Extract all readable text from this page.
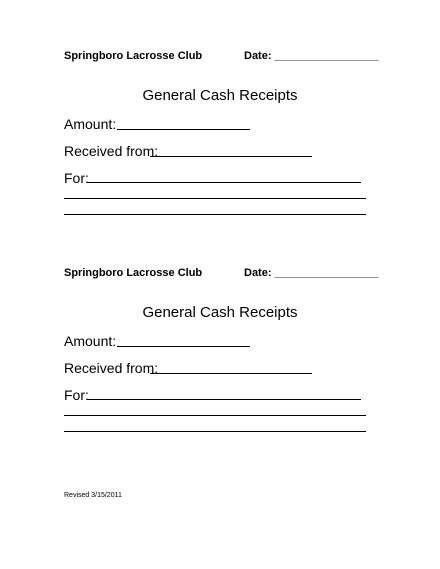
Springboro Lacrosse Club	Date: _________________
General Cash Receipts
Amount:
Received from:
For:
Springboro Lacrosse Club	Date: _________________
General Cash Receipts
Amount:
Received from:
For:
Revised 3/15/2011
